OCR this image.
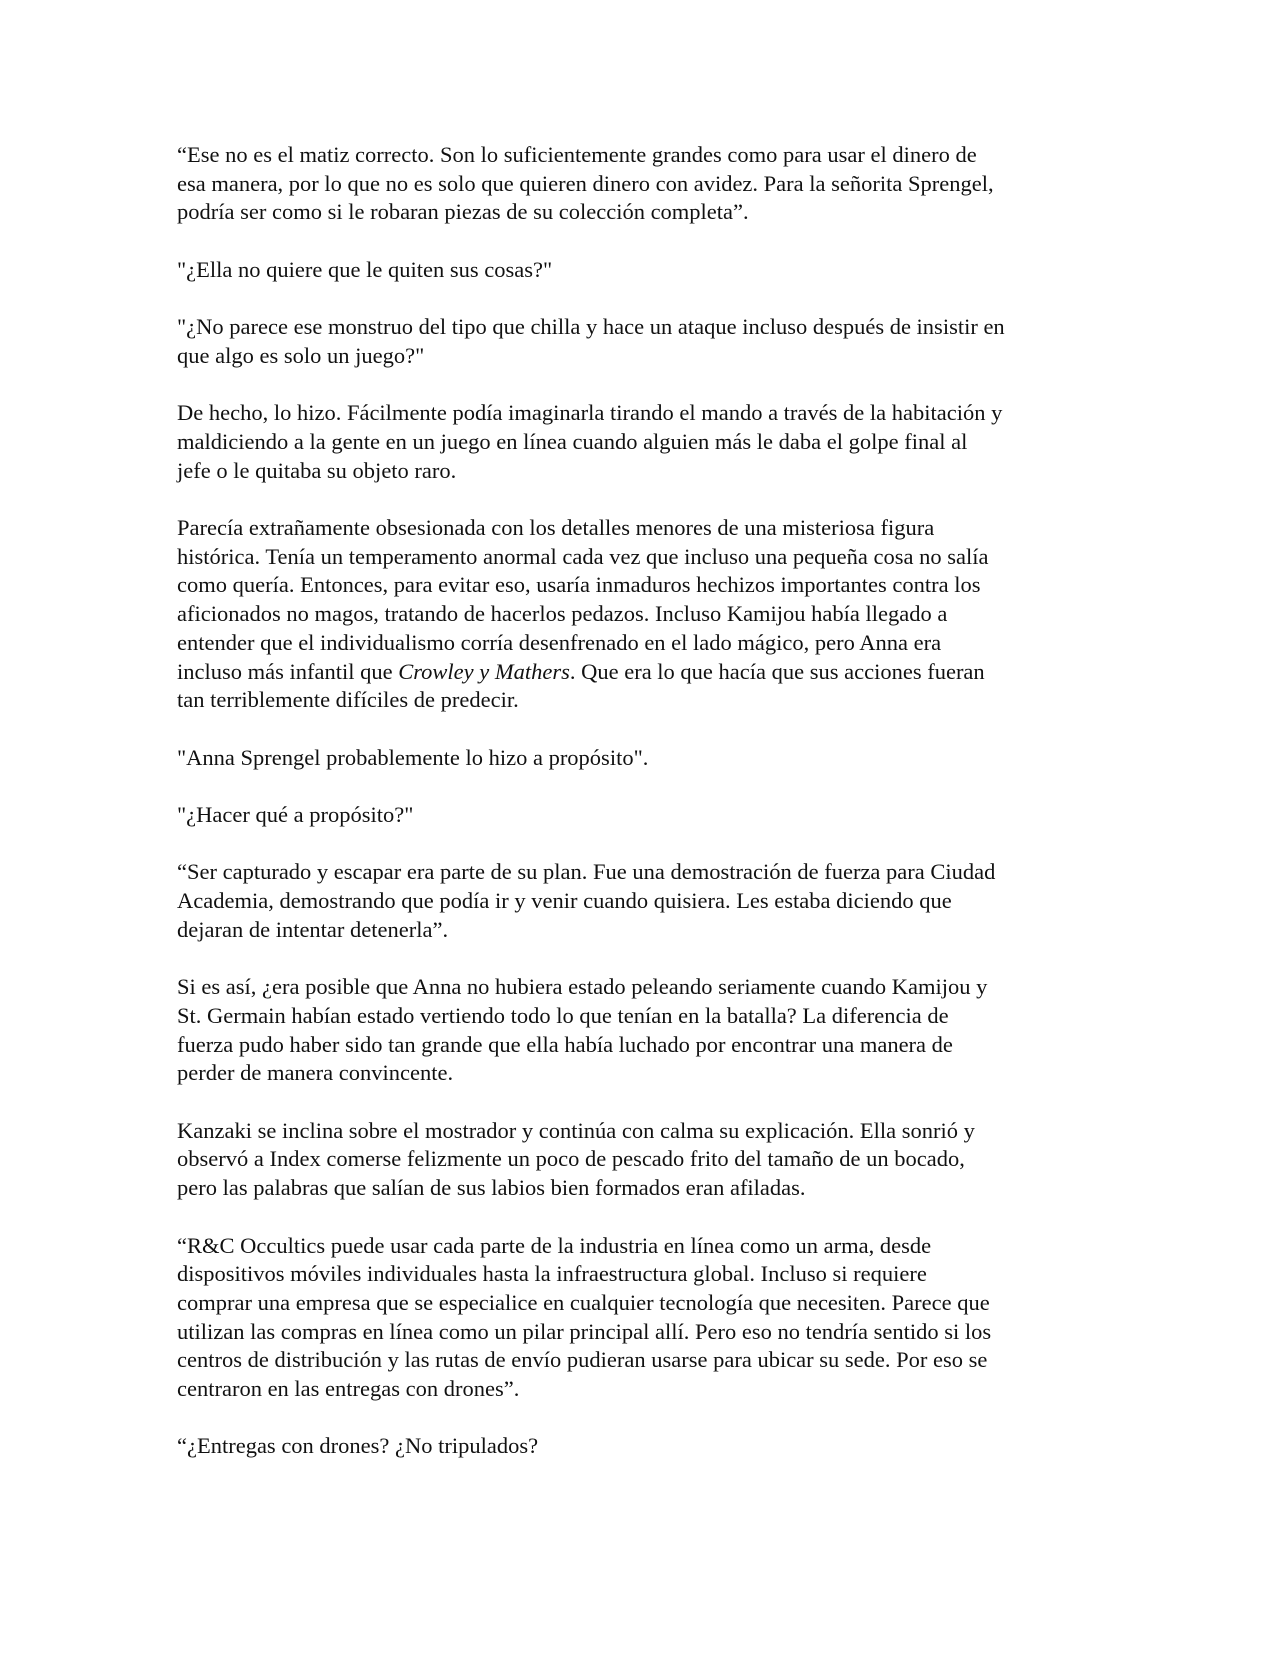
“Ese no es el matiz correcto. Son lo suficientemente grandes como para usar el dinero de
esa manera, por lo que no es solo que quieren dinero con avidez. Para la señorita Sprengel,
podría ser como si le robaran piezas de su colección completa”.

"¿Ella no quiere que le quiten sus cosas?"

"¿No parece ese monstruo del tipo que chilla y hace un ataque incluso después de insistir en
que algo es solo un juego?"

De hecho, lo hizo. Fácilmente podía imaginarla tirando el mando a través de la habitación y
maldiciendo a la gente en un juego en línea cuando alguien más le daba el golpe final al
jefe o le quitaba su objeto raro.

Parecía extrañamente obsesionada con los detalles menores de una misteriosa figura
histórica. Tenía un temperamento anormal cada vez que incluso una pequeña cosa no salía
como quería. Entonces, para evitar eso, usaría inmaduros hechizos importantes contra los
aficionados no magos, tratando de hacerlos pedazos. Incluso Kamijou había llegado a
entender que el individualismo corría desenfrenado en el lado mágico, pero Anna era
incluso más infantil que Crowley y Mathers. Que era lo que hacía que sus acciones fueran
tan terriblemente difíciles de predecir.

"Anna Sprengel probablemente lo hizo a propósito".

"¿Hacer qué a propósito?"

“Ser capturado y escapar era parte de su plan. Fue una demostración de fuerza para Ciudad
Academia, demostrando que podía ir y venir cuando quisiera. Les estaba diciendo que
dejaran de intentar detenerla”.

Si es así, ¿era posible que Anna no hubiera estado peleando seriamente cuando Kamijou y
St. Germain habían estado vertiendo todo lo que tenían en la batalla? La diferencia de
fuerza pudo haber sido tan grande que ella había luchado por encontrar una manera de
perder de manera convincente.

Kanzaki se inclina sobre el mostrador y continúa con calma su explicación. Ella sonrió y
observó a Index comerse felizmente un poco de pescado frito del tamaño de un bocado,
pero las palabras que salían de sus labios bien formados eran afiladas.

“R&C Occultics puede usar cada parte de la industria en línea como un arma, desde
dispositivos móviles individuales hasta la infraestructura global. Incluso si requiere
comprar una empresa que se especialice en cualquier tecnología que necesiten. Parece que
utilizan las compras en línea como un pilar principal allí. Pero eso no tendría sentido si los
centros de distribución y las rutas de envío pudieran usarse para ubicar su sede. Por eso se
centraron en las entregas con drones”.

“¿Entregas con drones? ¿No tripulados?
